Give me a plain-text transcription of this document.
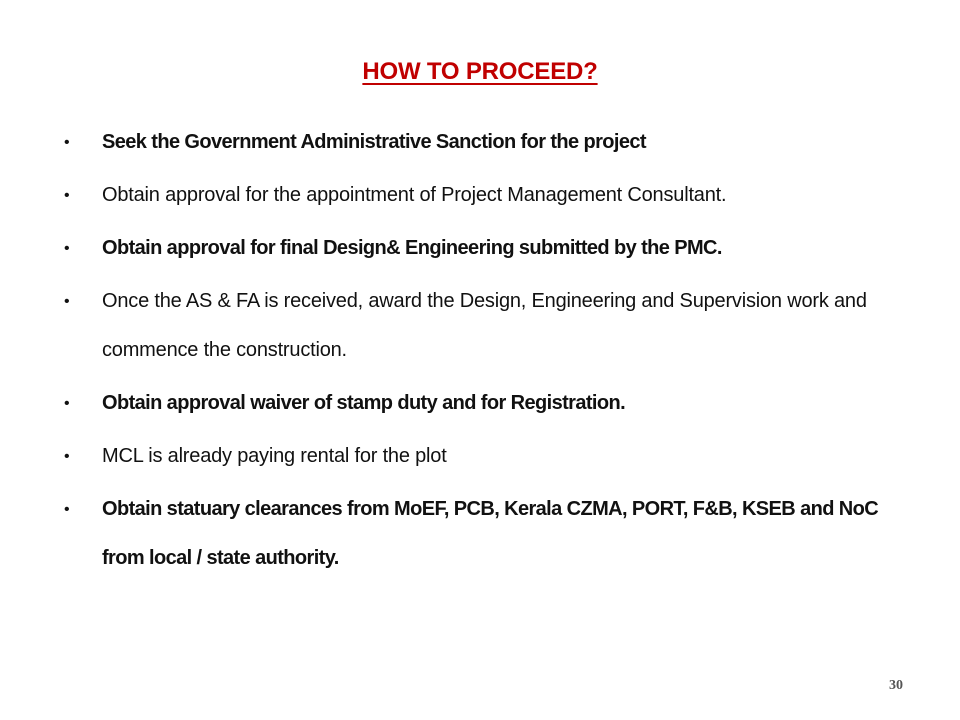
HOW TO PROCEED?
• Seek the Government Administrative Sanction for the project
• Obtain approval for the appointment of Project Management Consultant.
• Obtain approval for final Design& Engineering submitted by the PMC.
• Once the AS & FA is received, award the Design, Engineering and Supervision work and commence the construction.
• Obtain approval waiver of stamp duty and for Registration.
• MCL is already paying rental for the plot
• Obtain statuary clearances from MoEF, PCB, Kerala CZMA, PORT, F&B, KSEB and NoC from local / state authority.
30
